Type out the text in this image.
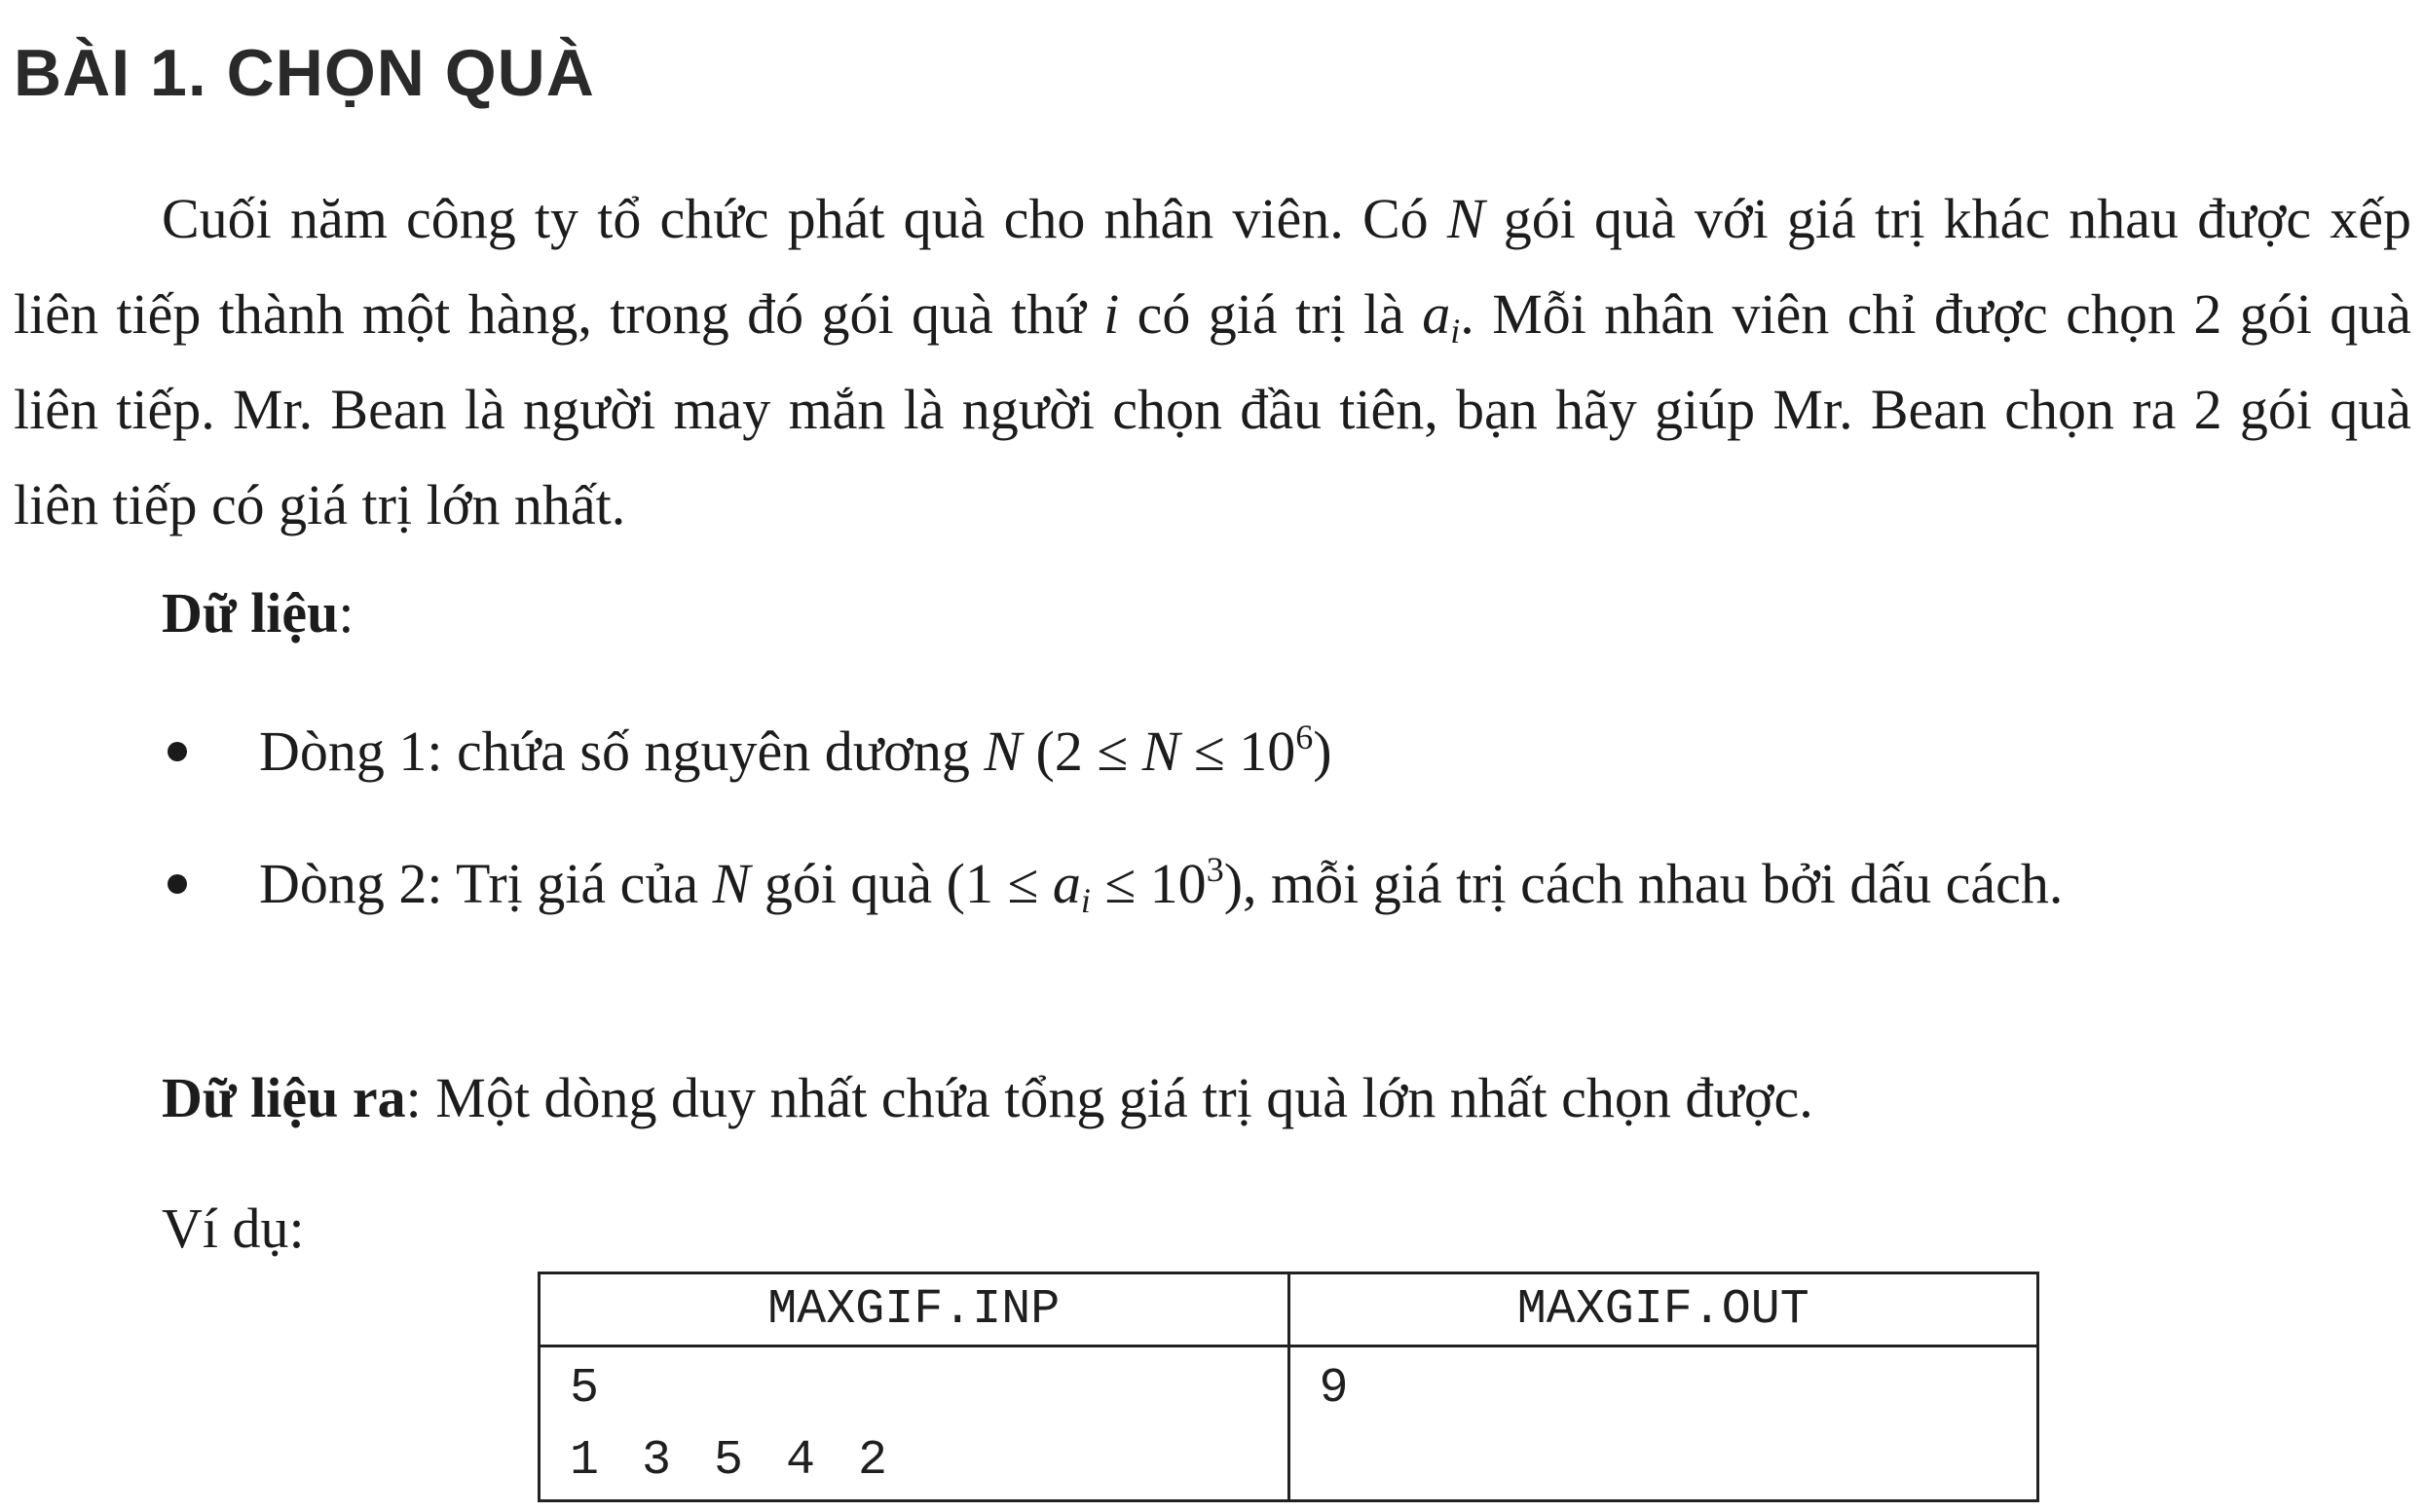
BÀI 1. CHỌN QUÀ

Cuối năm công ty tổ chức phát quà cho nhân viên. Có N gói quà với giá trị khác nhau được xếp liên tiếp thành một hàng, trong đó gói quà thứ i có giá trị là $a_i$. Mỗi nhân viên chỉ được chọn 2 gói quà liên tiếp. Mr. Bean là người may mắn là người chọn đầu tiên, bạn hãy giúp Mr. Bean chọn ra 2 gói quà liên tiếp có giá trị lớn nhất.

Dữ liệu:

Dòng 1: chứa số nguyên dương N $(2 \le N \le 10^6)$

Dòng 2: Trị giá của N gói quà $(1 \le a_i \le 10^3)$, mỗi giá trị cách nhau bởi dấu cách.

Dữ liệu ra: Một dòng duy nhất chứa tổng giá trị quà lớn nhất chọn được.

Ví dụ:

MAXGIF.INP	MAXGIF.OUT

5
1 3 5 4 2	9
